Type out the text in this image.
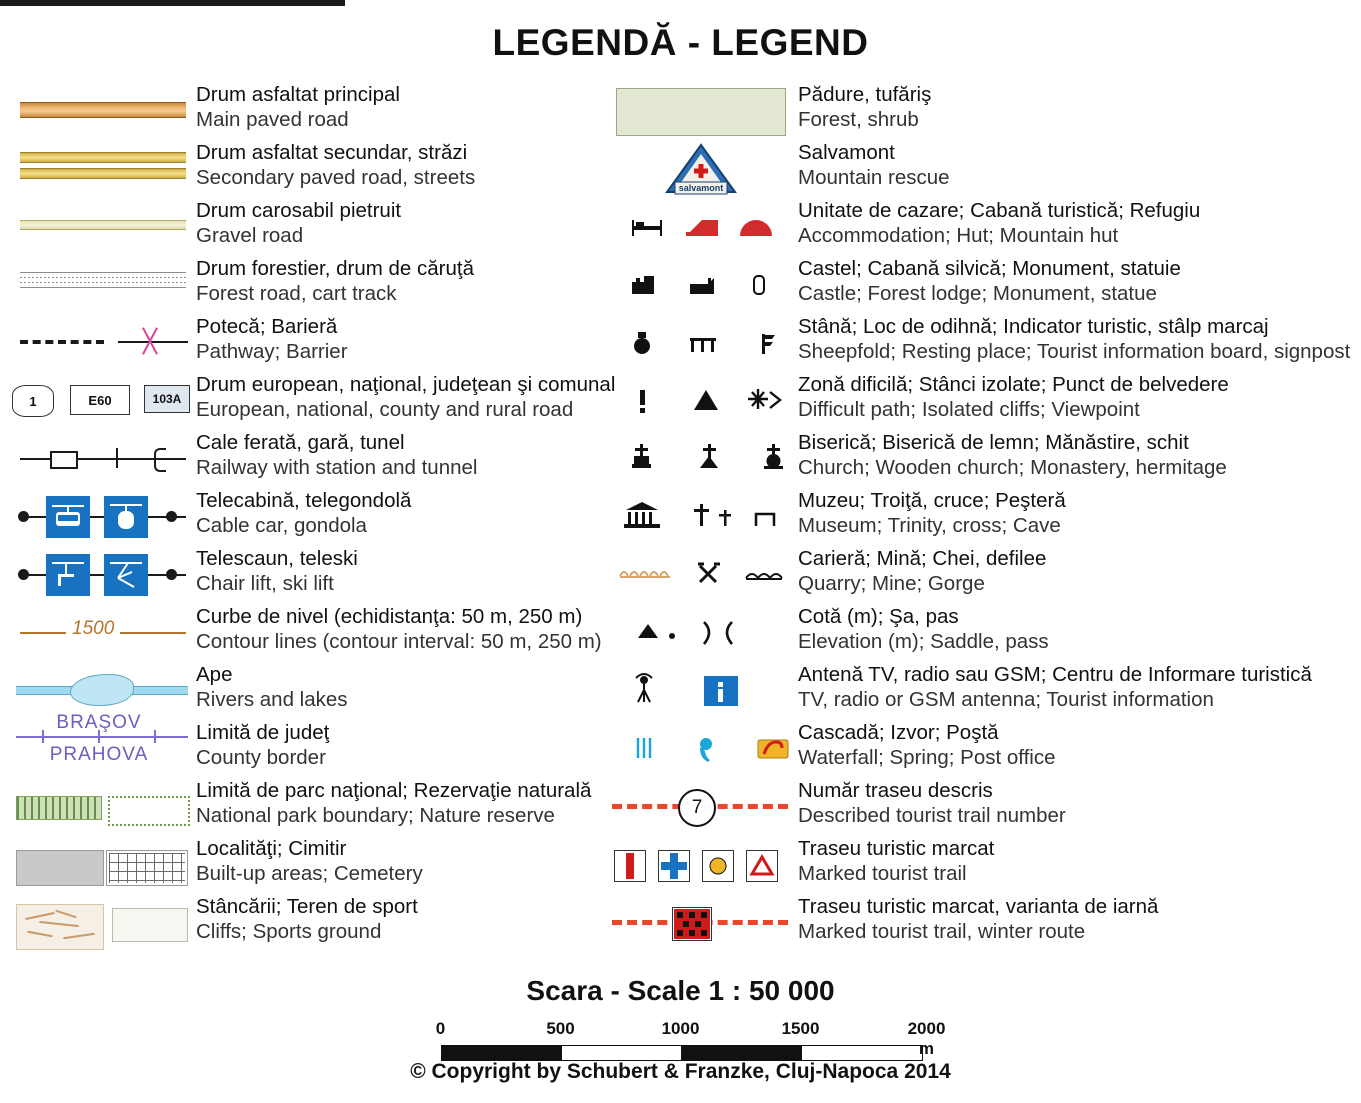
LEGENDĂ - LEGEND
Drum asfaltat principal
Main paved road
Drum asfaltat secundar, străzi
Secondary paved road, streets
Drum carosabil pietruit
Gravel road
Drum forestier, drum de căruţă
Forest road, cart track
Potecă; Barieră
Pathway; Barrier
1	E60	103A
Drum european, naţional, judeţean şi comunal
European, national, county and rural road
Cale ferată, gară, tunel
Railway with station and tunnel
Telecabină, telegondolă
Cable car, gondola
Telescaun, teleski
Chair lift, ski lift
1500
Curbe de nivel (echidistanţa: 50 m, 250 m)
Contour lines (contour interval: 50 m, 250 m)
Ape
Rivers and lakes
BRAŞOV
PRAHOVA
Limită de judeţ
County border
Limită de parc naţional; Rezervaţie naturală
National park boundary; Nature reserve
Localităţi; Cimitir
Built-up areas; Cemetery
Stâncării; Teren de sport
Cliffs; Sports ground
Pădure, tufăriş
Forest, shrub
salvamont
Salvamont
Mountain rescue
Unitate de cazare; Cabană turistică; Refugiu
Accommodation; Hut; Mountain hut
Castel; Cabană silvică; Monument, statuie
Castle; Forest lodge; Monument, statue
Stână; Loc de odihnă; Indicator turistic, stâlp marcaj
Sheepfold; Resting place; Tourist information board, signpost
Zonă dificilă; Stânci izolate; Punct de belvedere
Difficult path; Isolated cliffs; Viewpoint
Biserică; Biserică de lemn; Mănăstire, schit
Church; Wooden church; Monastery, hermitage
Muzeu; Troiţă, cruce; Peşteră
Museum; Trinity, cross; Cave
Carieră; Mină; Chei, defilee
Quarry; Mine; Gorge
Cotă (m); Şa, pas
Elevation (m); Saddle, pass
Antenă TV, radio sau GSM; Centru de Informare turistică
TV, radio or GSM antenna; Tourist information
Cascadă; Izvor; Poştă
Waterfall; Spring; Post office
7
Număr traseu descris
Described tourist trail number
Traseu turistic marcat
Marked tourist trail
Traseu turistic marcat, varianta de iarnă
Marked tourist trail, winter route
Scara - Scale 1 : 50 000
0	500	1000	1500	2000 m
© Copyright by Schubert & Franzke, Cluj-Napoca 2014
